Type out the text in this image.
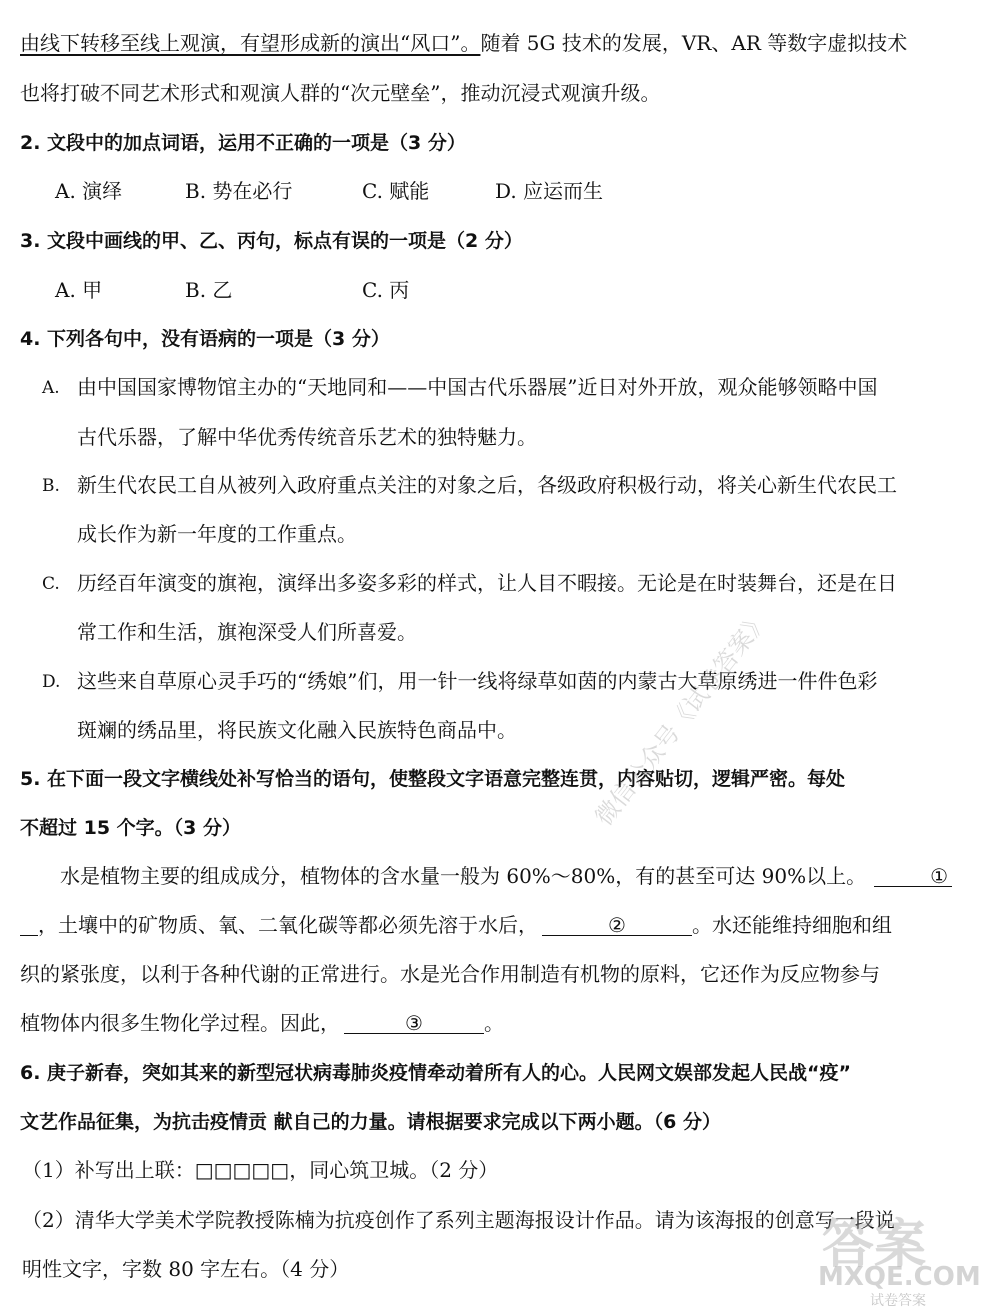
由线下转移至线上观演，有望形成新的演出“风口”。随着 5G 技术的发展，VR、AR 等数字虚拟技术
也将打破不同艺术形式和观演人群的“次元壁垒”，推动沉浸式观演升级。
2. 文段中的加点词语，运用不正确的一项是（3 分）
A. 演绎	B. 势在必行	C. 赋能	D. 应运而生
3. 文段中画线的甲、乙、丙句，标点有误的一项是（2 分）
A. 甲	B. 乙	C. 丙
4. 下列各句中，没有语病的一项是（3 分）
A. 由中国国家博物馆主办的“天地同和——中国古代乐器展”近日对外开放，观众能够领略中国
古代乐器，了解中华优秀传统音乐艺术的独特魅力。
B. 新生代农民工自从被列入政府重点关注的对象之后，各级政府积极行动，将关心新生代农民工
成长作为新一年度的工作重点。
C. 历经百年演变的旗袍，演绎出多姿多彩的样式，让人目不暇接。无论是在时装舞台，还是在日
常工作和生活，旗袍深受人们所喜爱。
D. 这些来自草原心灵手巧的“绣娘”们，用一针一线将绿草如茵的内蒙古大草原绣进一件件色彩
斑斓的绣品里，将民族文化融入民族特色商品中。
5. 在下面一段文字横线处补写恰当的语句，使整段文字语意完整连贯，内容贴切，逻辑严密。每处
不超过 15 个字。（3 分）
水是植物主要的组成成分，植物体的含水量一般为 60%～80%，有的甚至可达 90%以上。	①
，土壤中的矿物质、氧、二氧化碳等都必须先溶于水后，	②	。水还能维持细胞和组
织的紧张度，以利于各种代谢的正常进行。水是光合作用制造有机物的原料，它还作为反应物参与
植物体内很多生物化学过程。因此，	③	。
6. 庚子新春，突如其来的新型冠状病毒肺炎疫情牵动着所有人的心。人民网文娱部发起人民战“疫”
文艺作品征集，为抗击疫情贡 献自己的力量。请根据要求完成以下两小题。（6 分）
（1）补写出上联：□□□□□，同心筑卫城。（2 分）
（2）清华大学美术学院教授陈楠为抗疫创作了系列主题海报设计作品。请为该海报的创意写一段说
明性文字，字数 80 字左右。（4 分）
微信公众号《试卷答案》
答案
MXQE.COM
试卷答案
